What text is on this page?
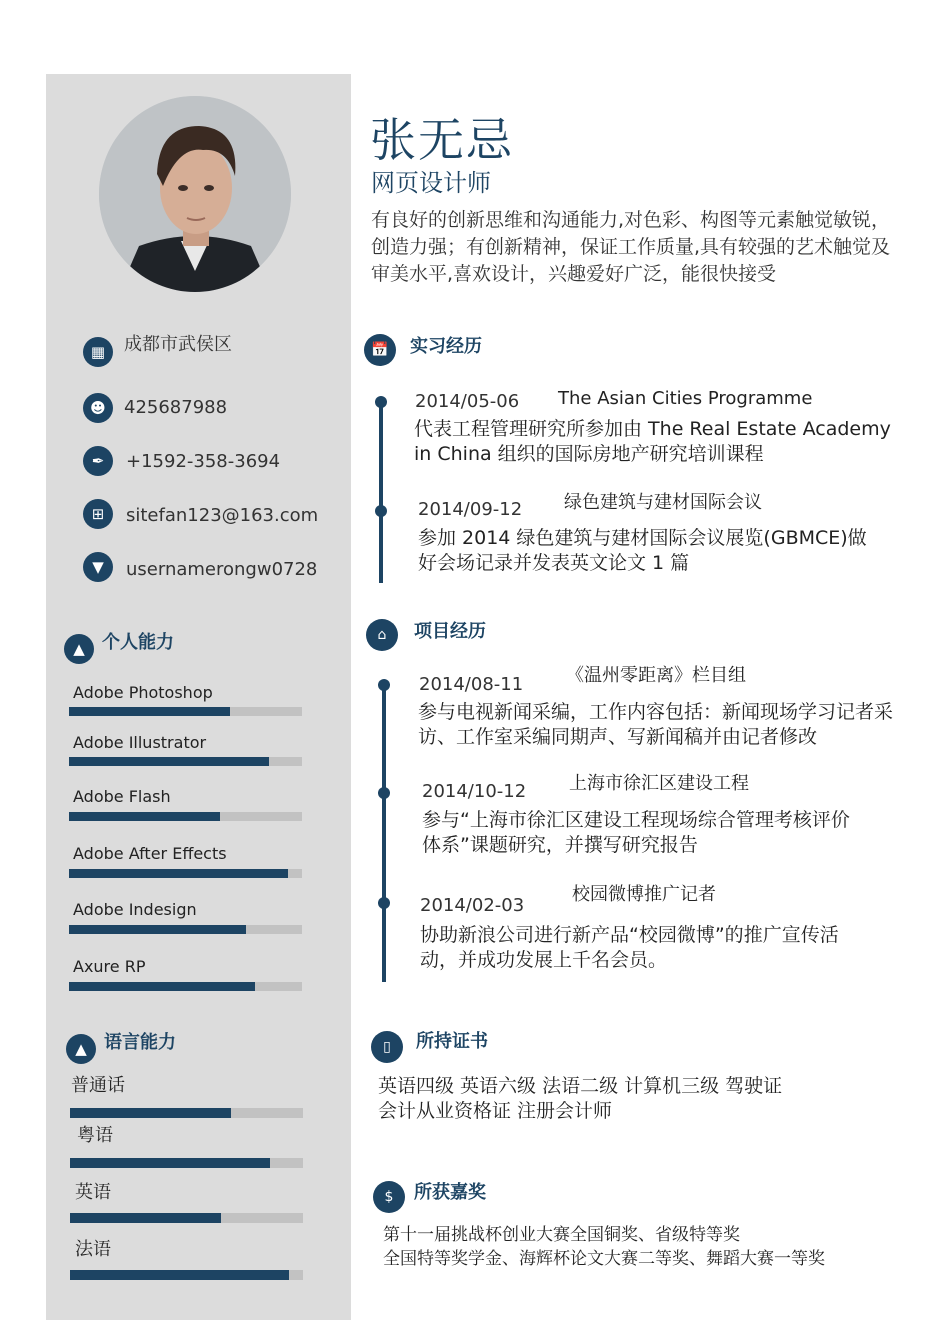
▦	成都市武侯区
☻	425687988
✒	+1592-358-3694
⊞	sitefan123@163.com
▼	usernamerongw0728
▲ 个人能力
Adobe Photoshop
Adobe Illustrator
Adobe Flash
Adobe After Effects
Adobe Indesign
Axure RP
▲ 语言能力
普通话
粤语
英语
法语
张无忌
网页设计师
有良好的创新思维和沟通能力,对色彩、构图等元素触觉敏锐，创造力强；有创新精神，保证工作质量,具有较强的艺术触觉及审美水平,喜欢设计，兴趣爱好广泛，能很快接受
📅	实习经历
2014/05-06 The Asian Cities Programme
代表工程管理研究所参加由 The Real Estate Academy
in China 组织的国际房地产研究培训课程
2014/09-12 绿色建筑与建材国际会议
参加 2014 绿色建筑与建材国际会议展览(GBMCE)做
好会场记录并发表英文论文 1 篇
⌂	项目经历
2014/08-11 《温州零距离》栏目组
参与电视新闻采编，工作内容包括：新闻现场学习记者采
访、工作室采编同期声、写新闻稿并由记者修改
2014/10-12 上海市徐汇区建设工程
参与“上海市徐汇区建设工程现场综合管理考核评价
体系”课题研究，并撰写研究报告
2014/02-03
校园微博推广记者
协助新浪公司进行新产品“校园微博”的推广宣传活
动，并成功发展上千名会员。
▯	所持证书
英语四级 英语六级 法语二级 计算机三级 驾驶证
会计从业资格证 注册会计师
$	所获嘉奖
第十一届挑战杯创业大赛全国铜奖、省级特等奖
全国特等奖学金、海辉杯论文大赛二等奖、舞蹈大赛一等奖
